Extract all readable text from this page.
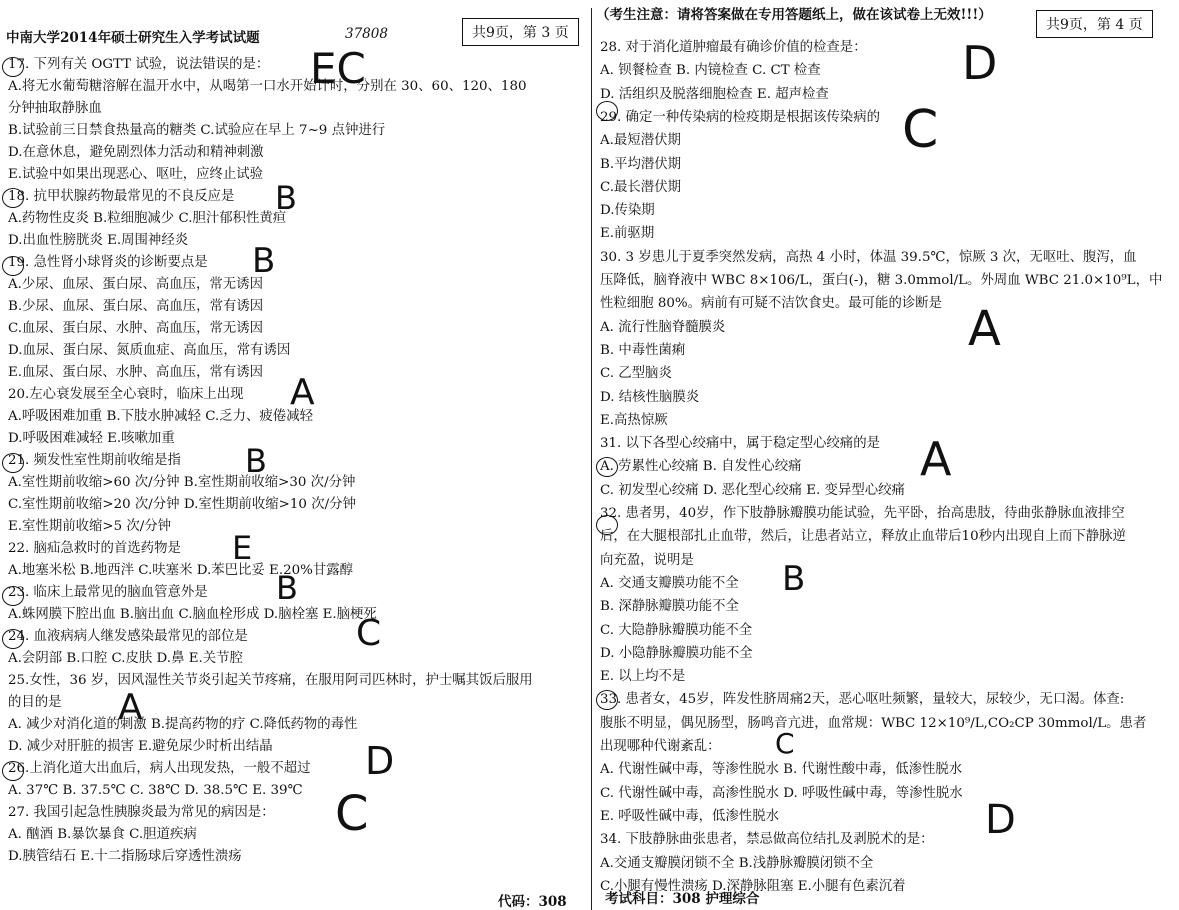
中南大学2014年硕士研究生入学考试试题	37808	共9页，第 3 页
17. 下列有关 OGTT 试验，说法错误的是：
A.将无水葡萄糖溶解在温开水中，从喝第一口水开始计时，分别在 30、60、120、180
分钟抽取静脉血
B.试验前三日禁食热量高的糖类 C.试验应在早上 7~9 点钟进行
D.在意休息，避免剧烈体力活动和精神刺激
E.试验中如果出现恶心、呕吐，应终止试验
18. 抗甲状腺药物最常见的不良反应是
A.药物性皮炎 B.粒细胞减少 C.胆汁郁积性黄疸
D.出血性膀胱炎 E.周围神经炎
19. 急性肾小球肾炎的诊断要点是
A.少尿、血尿、蛋白尿、高血压，常无诱因
B.少尿、血尿、蛋白尿、高血压，常有诱因
C.血尿、蛋白尿、水肿、高血压，常无诱因
D.血尿、蛋白尿、氮质血症、高血压，常有诱因
E.血尿、蛋白尿、水肿、高血压，常有诱因
20.左心衰发展至全心衰时，临床上出现
A.呼吸困难加重 B.下肢水肿减轻 C.乏力、疲倦减轻
D.呼吸困难减轻 E.咳嗽加重
21. 频发性室性期前收缩是指
A.室性期前收缩>60 次/分钟 B.室性期前收缩>30 次/分钟
C.室性期前收缩>20 次/分钟 D.室性期前收缩>10 次/分钟
E.室性期前收缩>5 次/分钟
22. 脑疝急救时的首选药物是
A.地塞米松 B.地西泮 C.呋塞米 D.苯巴比妥 E.20%甘露醇
23. 临床上最常见的脑血管意外是
A.蛛网膜下腔出血 B.脑出血 C.脑血栓形成 D.脑栓塞 E.脑梗死
24. 血液病病人继发感染最常见的部位是
A.会阴部 B.口腔 C.皮肤 D.鼻 E.关节腔
25.女性，36 岁，因风湿性关节炎引起关节疼痛，在服用阿司匹林时，护士嘱其饭后服用
的目的是
A. 减少对消化道的刺激 B.提高药物的疗 C.降低药物的毒性
D. 减少对肝脏的损害 E.避免尿少时析出结晶
26.上消化道大出血后，病人出现发热，一般不超过
A. 37℃ B. 37.5℃ C. 38℃ D. 38.5℃ E. 39℃
27. 我国引起急性胰腺炎最为常见的病因是：
A. 酗酒 B.暴饮暴食 C.胆道疾病
D.胰管结石 E.十二指肠球后穿透性溃疡
（考生注意：请将答案做在专用答题纸上，做在该试卷上无效!!!）
共9页，第 4 页
28. 对于消化道肿瘤最有确诊价值的检查是：
A. 钡餐检查 B. 内镜检查 C. CT 检查
D. 活组织及脱落细胞检查 E. 超声检查
29. 确定一种传染病的检疫期是根据该传染病的
A.最短潜伏期
B.平均潜伏期
C.最长潜伏期
D.传染期
E.前驱期
30. 3 岁患儿于夏季突然发病，高热 4 小时，体温 39.5℃，惊厥 3 次，无呕吐、腹泻，血
压降低，脑脊液中 WBC 8×106/L，蛋白(-)，糖 3.0mmol/L。外周血 WBC 21.0×10⁹L，中
性粒细胞 80%。病前有可疑不洁饮食史。最可能的诊断是
A. 流行性脑脊髓膜炎
B. 中毒性菌痢
C. 乙型脑炎
D. 结核性脑膜炎
E.高热惊厥
31. 以下各型心绞痛中，属于稳定型心绞痛的是
A. 劳累性心绞痛 B. 自发性心绞痛
C. 初发型心绞痛 D. 恶化型心绞痛 E. 变异型心绞痛
32. 患者男，40岁，作下肢静脉瓣膜功能试验，先平卧，抬高患肢，待曲张静脉血液排空
后，在大腿根部扎止血带，然后，让患者站立，释放止血带后10秒内出现自上而下静脉逆
向充盈，说明是
A. 交通支瓣膜功能不全
B. 深静脉瓣膜功能不全
C. 大隐静脉瓣膜功能不全
D. 小隐静脉瓣膜功能不全
E. 以上均不是
33. 患者女，45岁，阵发性脐周痛2天，恶心呕吐频繁，量较大，尿较少，无口渴。体查:
腹胀不明显，偶见肠型，肠鸣音亢进，血常规：WBC 12×10⁹/L,CO₂CP 30mmol/L。患者
出现哪种代谢紊乱：
A. 代谢性碱中毒，等渗性脱水 B. 代谢性酸中毒，低渗性脱水
C. 代谢性碱中毒，高渗性脱水 D. 呼吸性碱中毒，等渗性脱水
E. 呼吸性碱中毒，低渗性脱水
34. 下肢静脉曲张患者，禁忌做高位结扎及剥脱术的是：
A.交通支瓣膜闭锁不全 B.浅静脉瓣膜闭锁不全
C.小腿有慢性溃疡 D.深静脉阻塞 E.小腿有色素沉着
EC
B
B
A
B
E
B
C
A
D
C
D
C
A
A
B
C
D
代码：308	考试科目：308 护理综合
